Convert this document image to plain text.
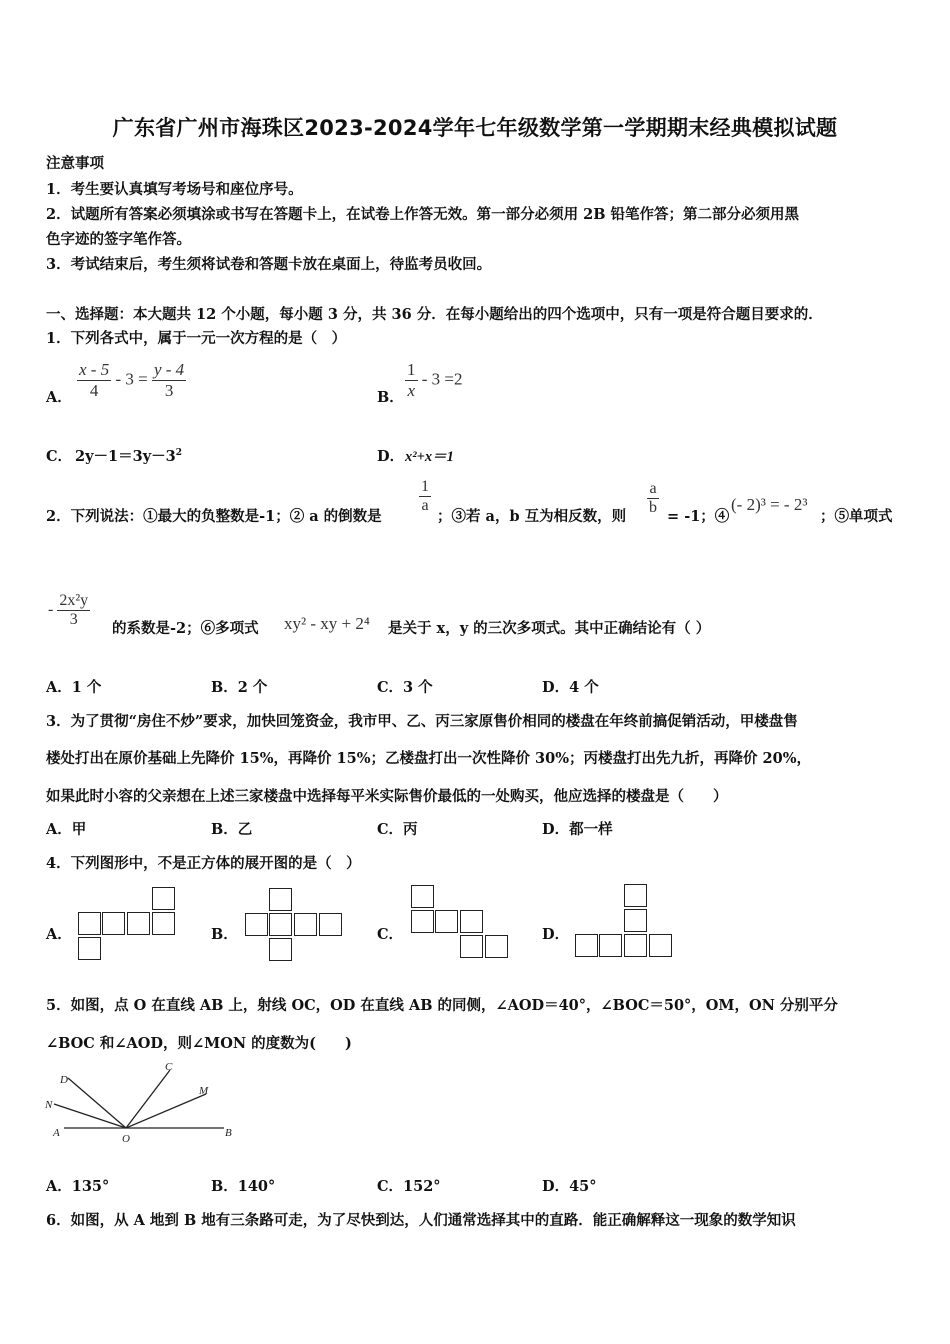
广东省广州市海珠区2023-2024学年七年级数学第一学期期末经典模拟试题
注意事项
1．考生要认真填写考场号和座位序号。
2．试题所有答案必须填涂或书写在答题卡上，在试卷上作答无效。第一部分必须用 2B 铅笔作答；第二部分必须用黑
色字迹的签字笔作答。
3．考试结束后，考生须将试卷和答题卡放在桌面上，待监考员收回。
一、选择题：本大题共 12 个小题，每小题 3 分，共 36 分．在每小题给出的四个选项中，只有一项是符合题目要求的．
1．下列各式中，属于一元一次方程的是（　）
A． $\frac{x - 5}{4} - 3 = \frac{y - 4}{3}$	B． $\frac{1}{x} - 3 =2$
C． $2y-1=3y-3^2$	D． x²+x＝1
2．下列说法：①最大的负整数是-1；② a 的倒数是
$\frac{1}{a}$
；③若 a，b 互为相反数，则 $\frac{a}{b} = -1$；④
(- 2)³ = - 2³
；⑤单项式
- $\frac{\text{2x²y}}{3}$ 的系数是-2；⑥多项式 xy² - xy + 2⁴ 是关于 x，y 的三次多项式。其中正确结论有（ ）
A．1 个	B．2 个	C．3 个	D．4 个
3．为了贯彻“房住不炒”要求，加快回笼资金，我市甲、乙、丙三家原售价相同的楼盘在年终前搞促销活动，甲楼盘售
楼处打出在原价基础上先降价 15%，再降价 15%；乙楼盘打出一次性降价 30%；丙楼盘打出先九折，再降价 20%，
如果此时小容的父亲想在上述三家楼盘中选择每平米实际售价最低的一处购买，他应选择的楼盘是（　　）
A．甲	B．乙	C．丙	D．都一样
4．下列图形中，不是正方体的展开图的是（　）
A．	B．	C．	D．
5．如图，点 O 在直线 AB 上，射线 OC，OD 在直线 AB 的同侧，∠AOD＝40°，∠BOC＝50°，OM，ON 分别平分
∠BOC 和∠AOD，则∠MON 的度数为(　　)
D
N
A	O
C
M
B
A．135°	B．140°	C．152°	D．45°
6．如图，从 A 地到 B 地有三条路可走，为了尽快到达，人们通常选择其中的直路．能正确解释这一现象的数学知识
